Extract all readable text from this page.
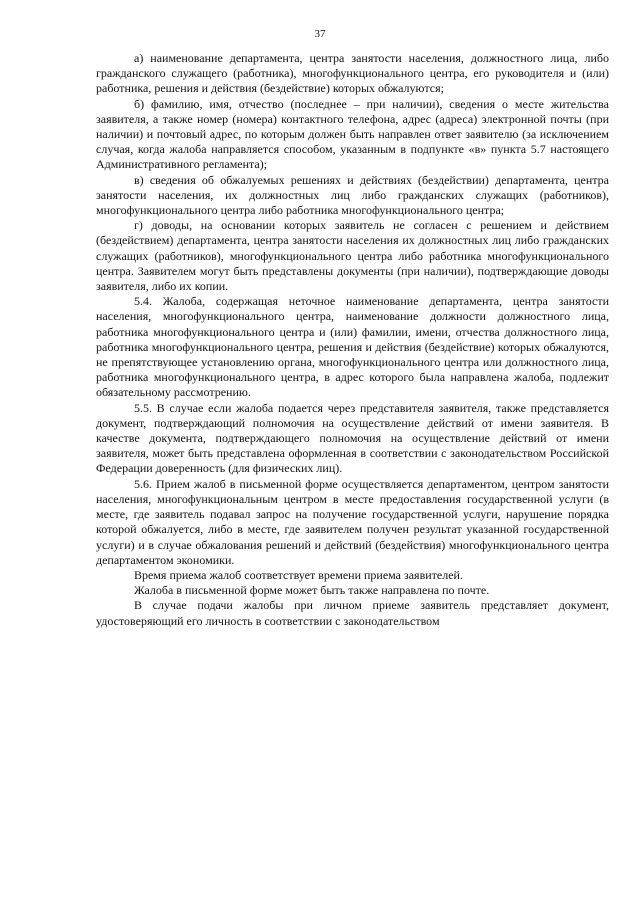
37

а) наименование департамента, центра занятости населения, должностного лица, либо гражданского служащего (работника), многофункционального центра, его руководителя и (или) работника, решения и действия (бездействие) которых обжалуются;

б) фамилию, имя, отчество (последнее – при наличии), сведения о месте жительства заявителя, а также номер (номера) контактного телефона, адрес (адреса) электронной почты (при наличии) и почтовый адрес, по которым должен быть направлен ответ заявителю (за исключением случая, когда жалоба направляется способом, указанным в подпункте «в» пункта 5.7 настоящего Административного регламента);

в) сведения об обжалуемых решениях и действиях (бездействии) департамента, центра занятости населения, их должностных лиц либо гражданских служащих (работников), многофункционального центра либо работника многофункционального центра;

г) доводы, на основании которых заявитель не согласен с решением и действием (бездействием) департамента, центра занятости населения их должностных лиц либо гражданских служащих (работников), многофункционального центра либо работника многофункционального центра. Заявителем могут быть представлены документы (при наличии), подтверждающие доводы заявителя, либо их копии.

5.4. Жалоба, содержащая неточное наименование департамента, центра занятости населения, многофункционального центра, наименование должности должностного лица, работника многофункционального центра и (или) фамилии, имени, отчества должностного лица, работника многофункционального центра, решения и действия (бездействие) которых обжалуются, не препятствующее установлению органа, многофункционального центра или должностного лица, работника многофункционального центра, в адрес которого была направлена жалоба, подлежит обязательному рассмотрению.

5.5. В случае если жалоба подается через представителя заявителя, также представляется документ, подтверждающий полномочия на осуществление действий от имени заявителя. В качестве документа, подтверждающего полномочия на осуществление действий от имени заявителя, может быть представлена оформленная в соответствии с законодательством Российской Федерации доверенность (для физических лиц).

5.6. Прием жалоб в письменной форме осуществляется департаментом, центром занятости населения, многофункциональным центром в месте предоставления государственной услуги (в месте, где заявитель подавал запрос на получение государственной услуги, нарушение порядка которой обжалуется, либо в месте, где заявителем получен результат указанной государственной услуги) и в случае обжалования решений и действий (бездействия) многофункционального центра департаментом экономики.

Время приема жалоб соответствует времени приема заявителей.

Жалоба в письменной форме может быть также направлена по почте.

В случае подачи жалобы при личном приеме заявитель представляет документ, удостоверяющий его личность в соответствии с законодательством
